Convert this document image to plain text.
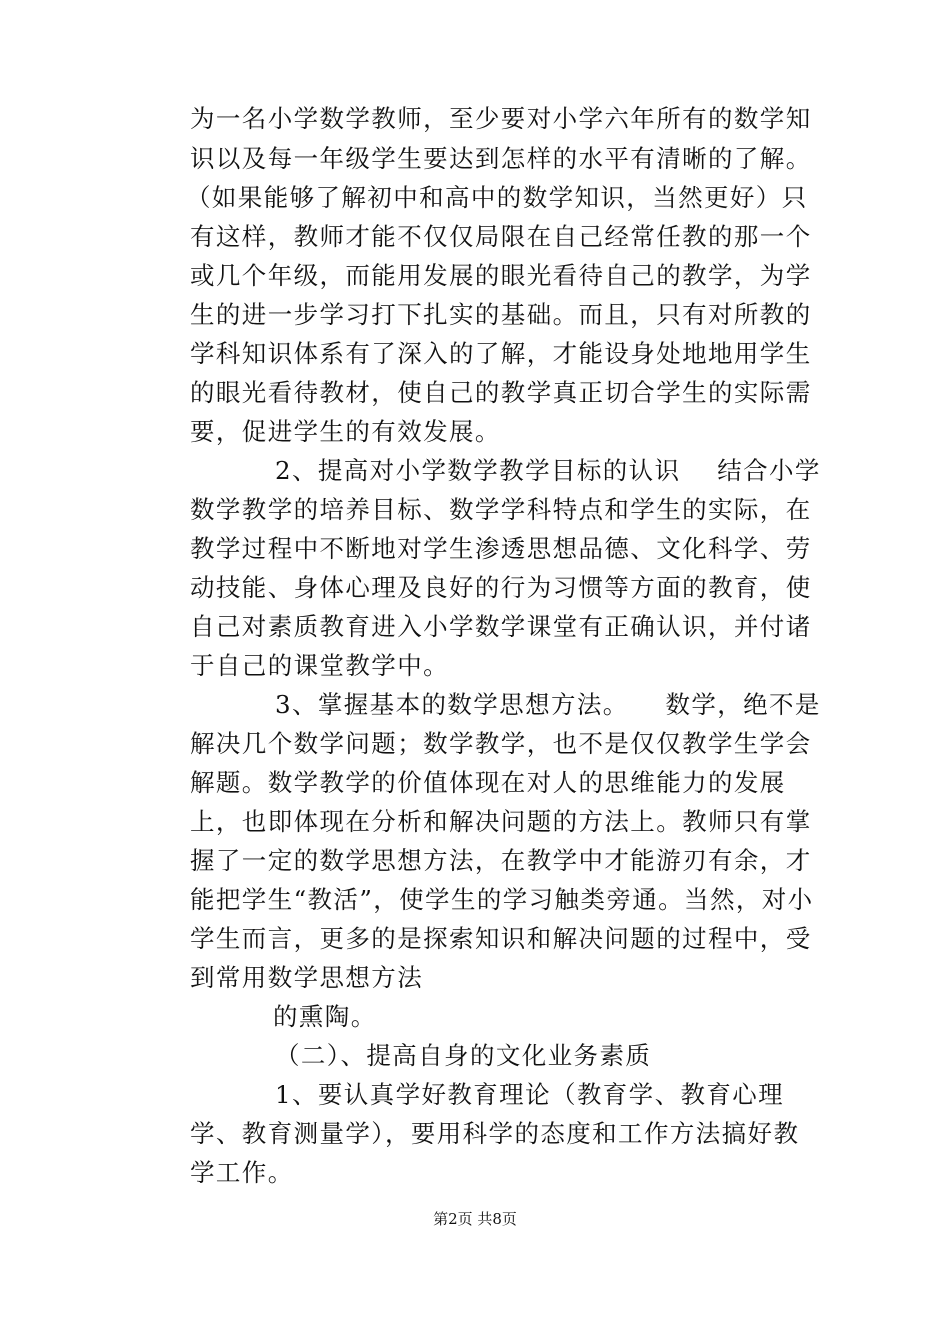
为一名小学数学教师，至少要对小学六年所有的数学知
识以及每一年级学生要达到怎样的水平有清晰的了解。
（如果能够了解初中和高中的数学知识，当然更好）只
有这样，教师才能不仅仅局限在自己经常任教的那一个
或几个年级，而能用发展的眼光看待自己的教学，为学
生的进一步学习打下扎实的基础。而且，只有对所教的
学科知识体系有了深入的了解，才能设身处地地用学生
的眼光看待教材，使自己的教学真正切合学生的实际需
要，促进学生的有效发展。
2、提高对小学数学教学目标的认识    结合小学
数学教学的培养目标、数学学科特点和学生的实际，在
教学过程中不断地对学生渗透思想品德、文化科学、劳
动技能、身体心理及良好的行为习惯等方面的教育，使
自己对素质教育进入小学数学课堂有正确认识，并付诸
于自己的课堂教学中。
3、掌握基本的数学思想方法。    数学，绝不是
解决几个数学问题；数学教学，也不是仅仅教学生学会
解题。数学教学的价值体现在对人的思维能力的发展
上，也即体现在分析和解决问题的方法上。教师只有掌
握了一定的数学思想方法，在教学中才能游刃有余，才
能把学生“教活”，使学生的学习触类旁通。当然，对小
学生而言，更多的是探索知识和解决问题的过程中，受
到常用数学思想方法
的熏陶。
（二）、提高自身的文化业务素质
1、要认真学好教育理论（教育学、教育心理
学、教育测量学），要用科学的态度和工作方法搞好教
学工作。
第2页 共8页
